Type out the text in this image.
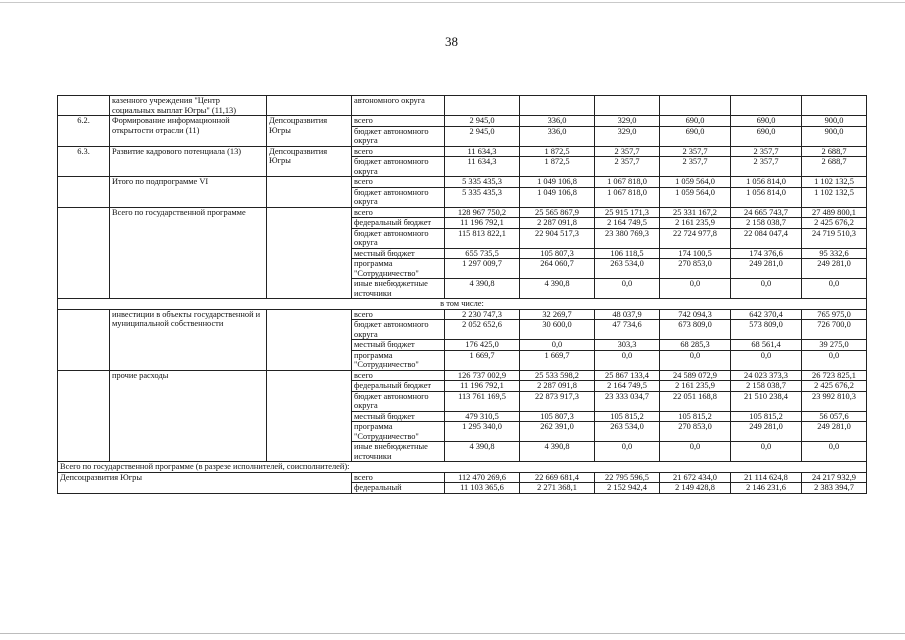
38
	казенного учреждения "Центр социальных выплат Югры" (11,13)		автономного округа						
6.2.	Формирование информационной открытости отрасли (11)	Депсоцразвития Югры	всего	2 945,0	336,0	329,0	690,0	690,0	900,0
			бюджет автономного округа	2 945,0	336,0	329,0	690,0	690,0	900,0
6.3.	Развитие кадрового потенциала (13)	Депсоцразвития Югры	всего	11 634,3	1 872,5	2 357,7	2 357,7	2 357,7	2 688,7
			бюджет автономного округа	11 634,3	1 872,5	2 357,7	2 357,7	2 357,7	2 688,7
	Итого по подпрограмме VI		всего	5 335 435,3	1 049 106,8	1 067 818,0	1 059 564,0	1 056 814,0	1 102 132,5
			бюджет автономного округа	5 335 435,3	1 049 106,8	1 067 818,0	1 059 564,0	1 056 814,0	1 102 132,5
	Всего по государственной программе		всего	128 967 750,2	25 565 867,9	25 915 171,3	25 331 167,2	24 665 743,7	27 489 800,1
			федеральный бюджет	11 196 792,1	2 287 091,8	2 164 749,5	2 161 235,9	2 158 038,7	2 425 676,2
			бюджет автономного округа	115 813 822,1	22 904 517,3	23 380 769,3	22 724 977,8	22 084 047,4	24 719 510,3
			местный бюджет	655 735,5	105 807,3	106 118,5	174 100,5	174 376,6	95 332,6
			программа "Сотрудничество"	1 297 009,7	264 060,7	263 534,0	270 853,0	249 281,0	249 281,0
			иные внебюджетные источники	4 390,8	4 390,8	0,0	0,0	0,0	0,0
в том числе:									
	инвестиции в объекты государственной и муниципальной собственности		всего	2 230 747,3	32 269,7	48 037,9	742 094,3	642 370,4	765 975,0
			бюджет автономного округа	2 052 652,6	30 600,0	47 734,6	673 809,0	573 809,0	726 700,0
			местный бюджет	176 425,0	0,0	303,3	68 285,3	68 561,4	39 275,0
			программа "Сотрудничество"	1 669,7	1 669,7	0,0	0,0	0,0	0,0
	прочие расходы		всего	126 737 002,9	25 533 598,2	25 867 133,4	24 589 072,9	24 023 373,3	26 723 825,1
			федеральный бюджет	11 196 792,1	2 287 091,8	2 164 749,5	2 161 235,9	2 158 038,7	2 425 676,2
			бюджет автономного округа	113 761 169,5	22 873 917,3	23 333 034,7	22 051 168,8	21 510 238,4	23 992 810,3
			местный бюджет	479 310,5	105 807,3	105 815,2	105 815,2	105 815,2	56 057,6
			программа "Сотрудничество"	1 295 340,0	262 391,0	263 534,0	270 853,0	249 281,0	249 281,0
			иные внебюджетные источники	4 390,8	4 390,8	0,0	0,0	0,0	0,0
Всего по государственной программе (в разрезе исполнителей, соисполнителей):									
Депсоцразвития Югры			всего	112 470 269,6	22 669 681,4	22 795 596,5	21 672 434,0	21 114 624,8	24 217 932,9
			федеральный	11 103 365,6	2 271 368,1	2 152 942,4	2 149 428,8	2 146 231,6	2 383 394,7
